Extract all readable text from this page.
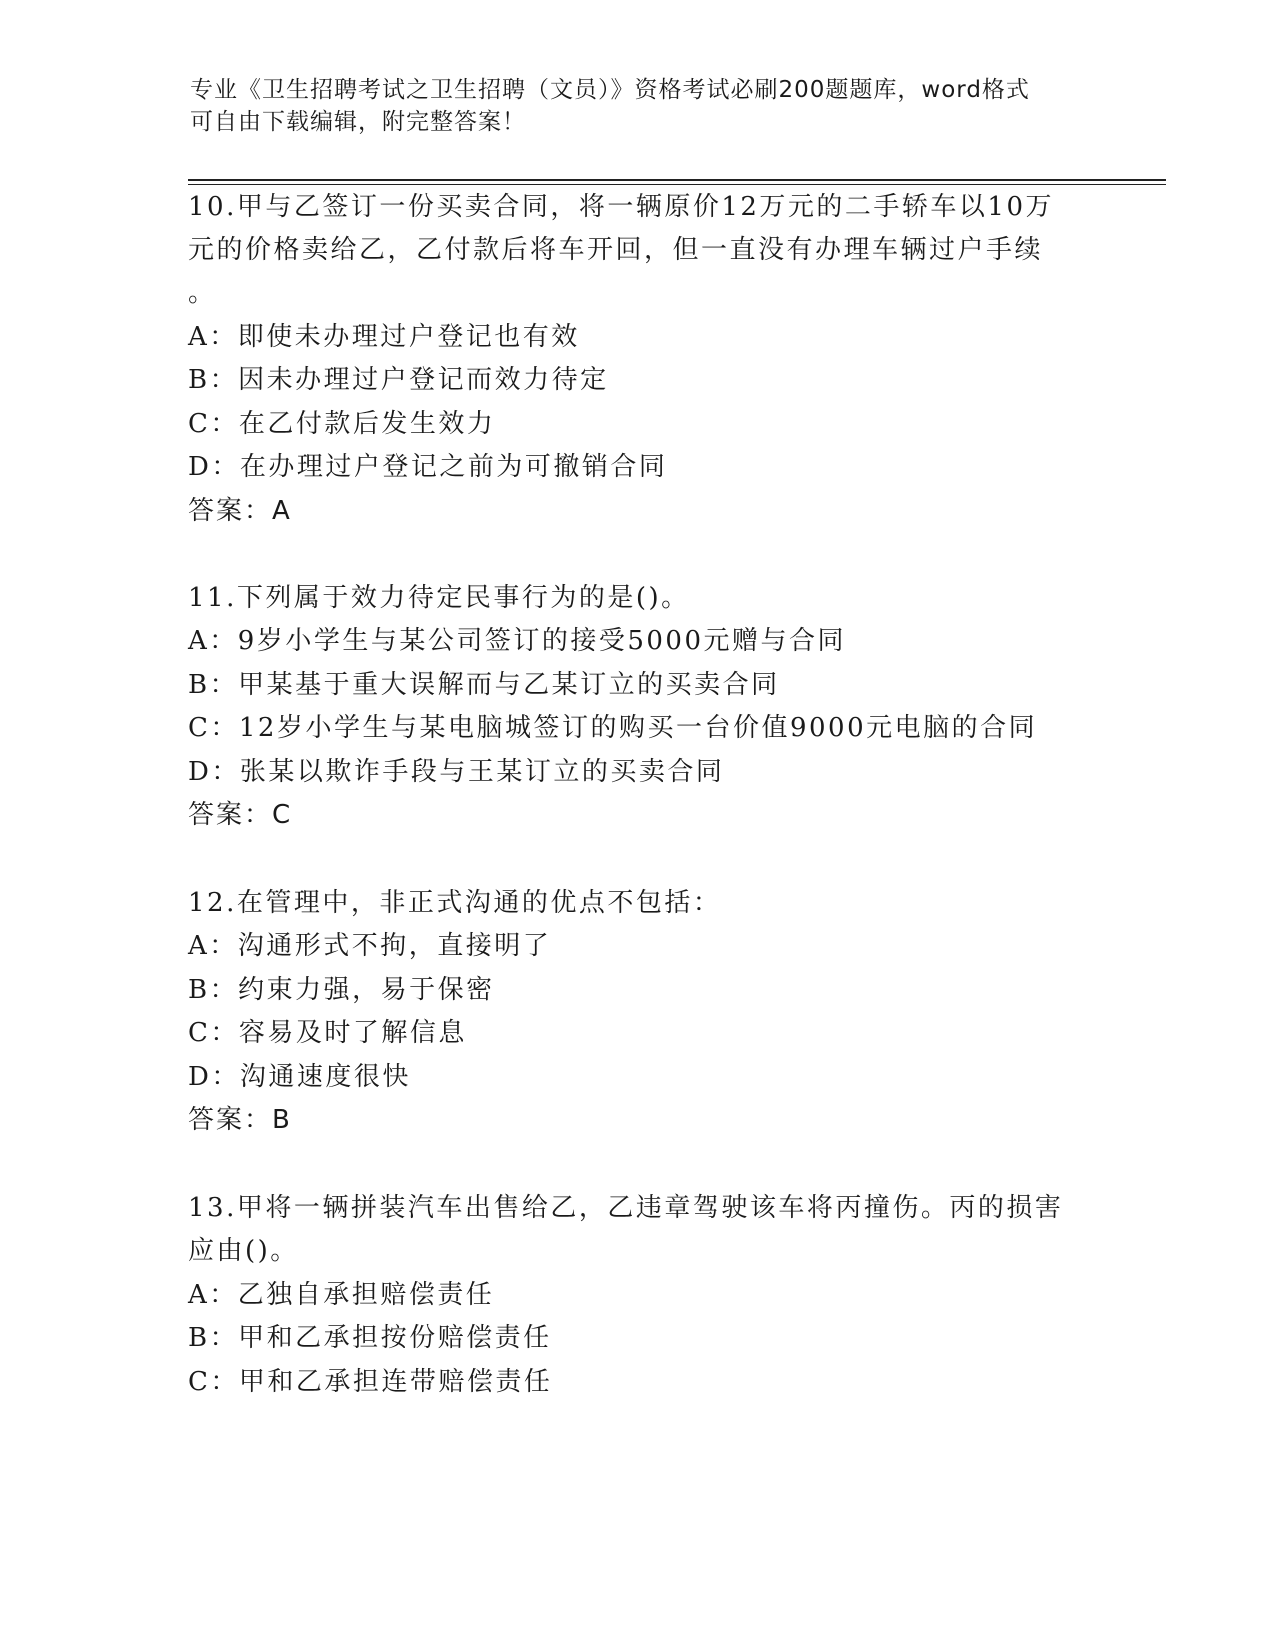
专业《卫生招聘考试之卫生招聘（文员）》资格考试必刷200题题库，word格式
可自由下载编辑，附完整答案！
10.甲与乙签订一份买卖合同，将一辆原价12万元的二手轿车以10万
元的价格卖给乙，乙付款后将车开回，但一直没有办理车辆过户手续
。
A：即使未办理过户登记也有效
B：因未办理过户登记而效力待定
C：在乙付款后发生效力
D：在办理过户登记之前为可撤销合同
答案：A
11.下列属于效力待定民事行为的是()。
A：9岁小学生与某公司签订的接受5000元赠与合同
B：甲某基于重大误解而与乙某订立的买卖合同
C：12岁小学生与某电脑城签订的购买一台价值9000元电脑的合同
D：张某以欺诈手段与王某订立的买卖合同
答案：C
12.在管理中，非正式沟通的优点不包括：
A：沟通形式不拘，直接明了
B：约束力强，易于保密
C：容易及时了解信息
D：沟通速度很快
答案：B
13.甲将一辆拼装汽车出售给乙，乙违章驾驶该车将丙撞伤。丙的损害
应由()。
A：乙独自承担赔偿责任
B：甲和乙承担按份赔偿责任
C：甲和乙承担连带赔偿责任
